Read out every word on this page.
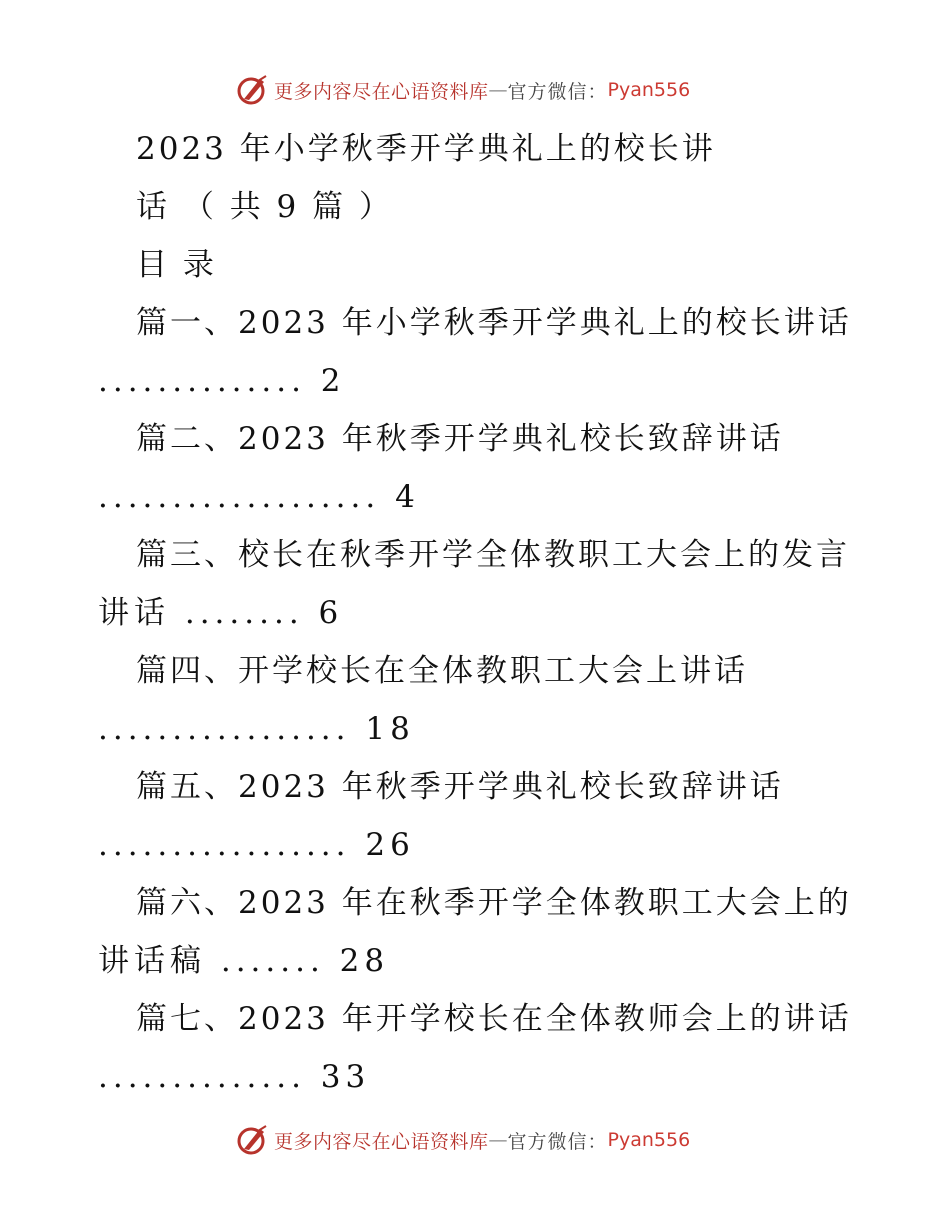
更多内容尽在心语资料库 — 官方微信： Pyan556
2023 年小学秋季开学典礼上的校长讲
话 （ 共 9 篇 ）
目 录
篇一、2023 年小学秋季开学典礼上的校长讲话
.............. 2
篇二、2023 年秋季开学典礼校长致辞讲话
................... 4
篇三、校长在秋季开学全体教职工大会上的发言
讲话 ........ 6
篇四、开学校长在全体教职工大会上讲话
................. 18
篇五、2023 年秋季开学典礼校长致辞讲话
................. 26
篇六、2023 年在秋季开学全体教职工大会上的
讲话稿 ....... 28
篇七、2023 年开学校长在全体教师会上的讲话
.............. 33
更多内容尽在心语资料库 — 官方微信： Pyan556
